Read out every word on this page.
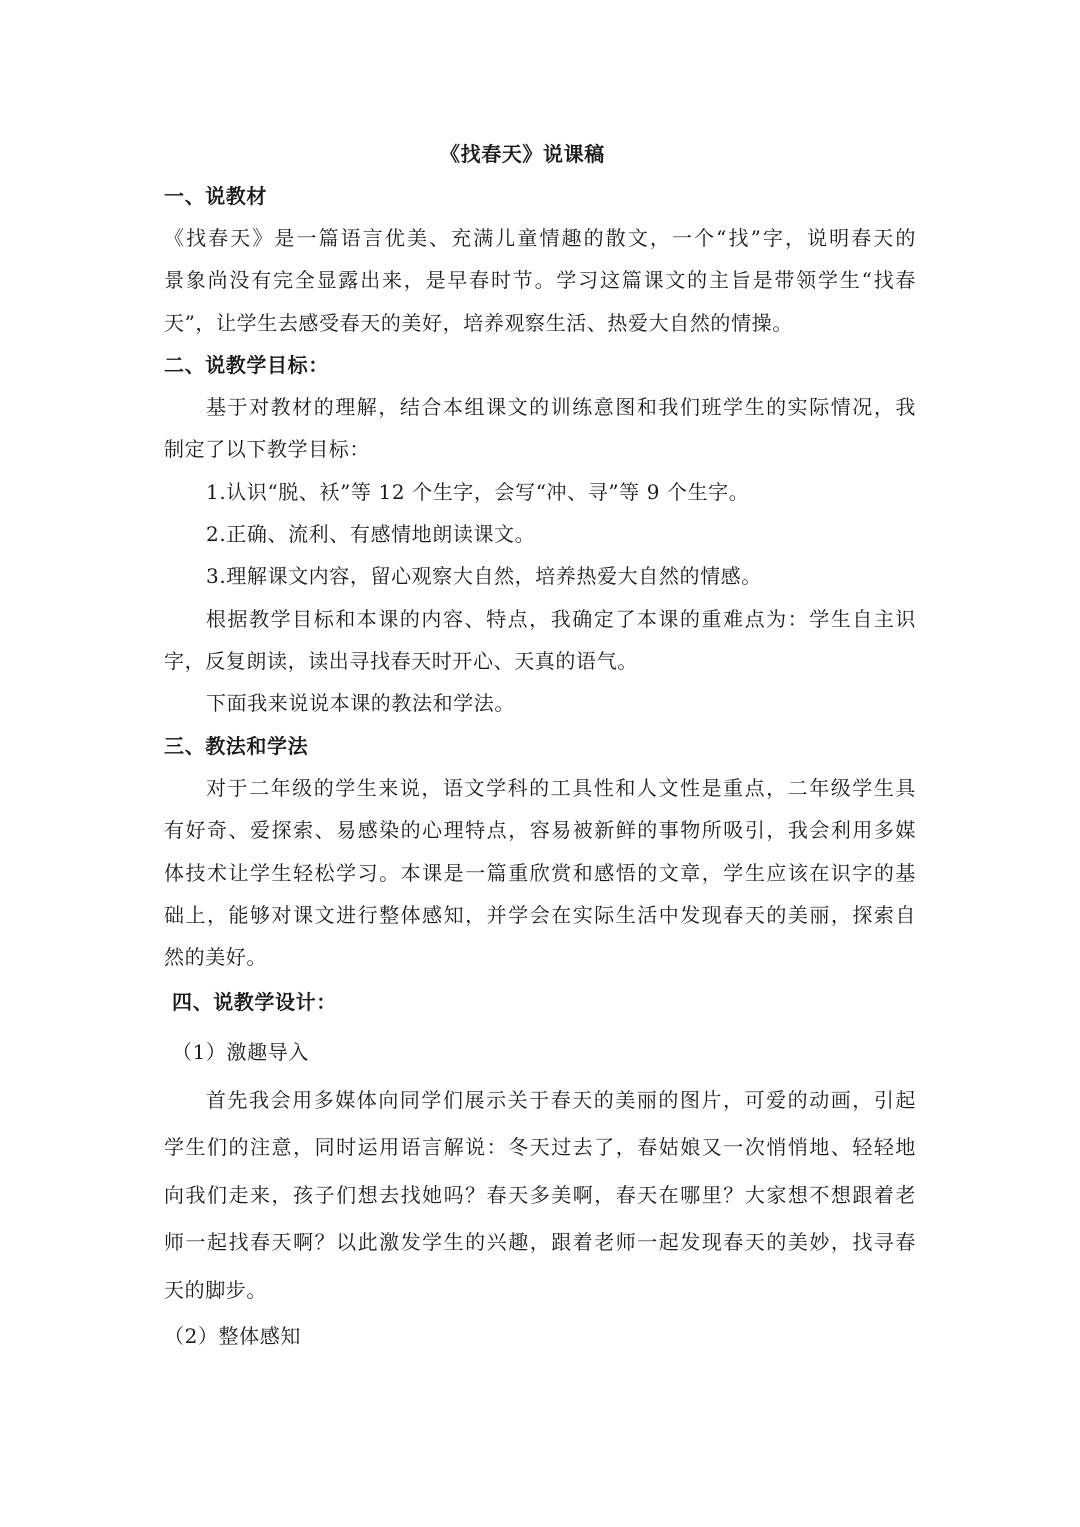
《找春天》说课稿
一、说教材
《找春天》是一篇语言优美、充满儿童情趣的散文，一个“找”字，说明春天的
景象尚没有完全显露出来，是早春时节。学习这篇课文的主旨是带领学生“找春
天”，让学生去感受春天的美好，培养观察生活、热爱大自然的情操。
二、说教学目标：
基于对教材的理解，结合本组课文的训练意图和我们班学生的实际情况，我
制定了以下教学目标：
1.认识“脱、袄”等 12 个生字，会写“冲、寻”等 9 个生字。
2.正确、流利、有感情地朗读课文。
3.理解课文内容，留心观察大自然，培养热爱大自然的情感。
根据教学目标和本课的内容、特点，我确定了本课的重难点为：学生自主识
字，反复朗读，读出寻找春天时开心、天真的语气。
下面我来说说本课的教法和学法。
三、教法和学法
对于二年级的学生来说，语文学科的工具性和人文性是重点，二年级学生具
有好奇、爱探索、易感染的心理特点，容易被新鲜的事物所吸引，我会利用多媒
体技术让学生轻松学习。本课是一篇重欣赏和感悟的文章，学生应该在识字的基
础上，能够对课文进行整体感知，并学会在实际生活中发现春天的美丽，探索自
然的美好。
四、说教学设计：
（1）激趣导入
首先我会用多媒体向同学们展示关于春天的美丽的图片，可爱的动画，引起
学生们的注意，同时运用语言解说：冬天过去了，春姑娘又一次悄悄地、轻轻地
向我们走来，孩子们想去找她吗？春天多美啊，春天在哪里？大家想不想跟着老
师一起找春天啊？以此激发学生的兴趣，跟着老师一起发现春天的美妙，找寻春
天的脚步。
（2）整体感知
